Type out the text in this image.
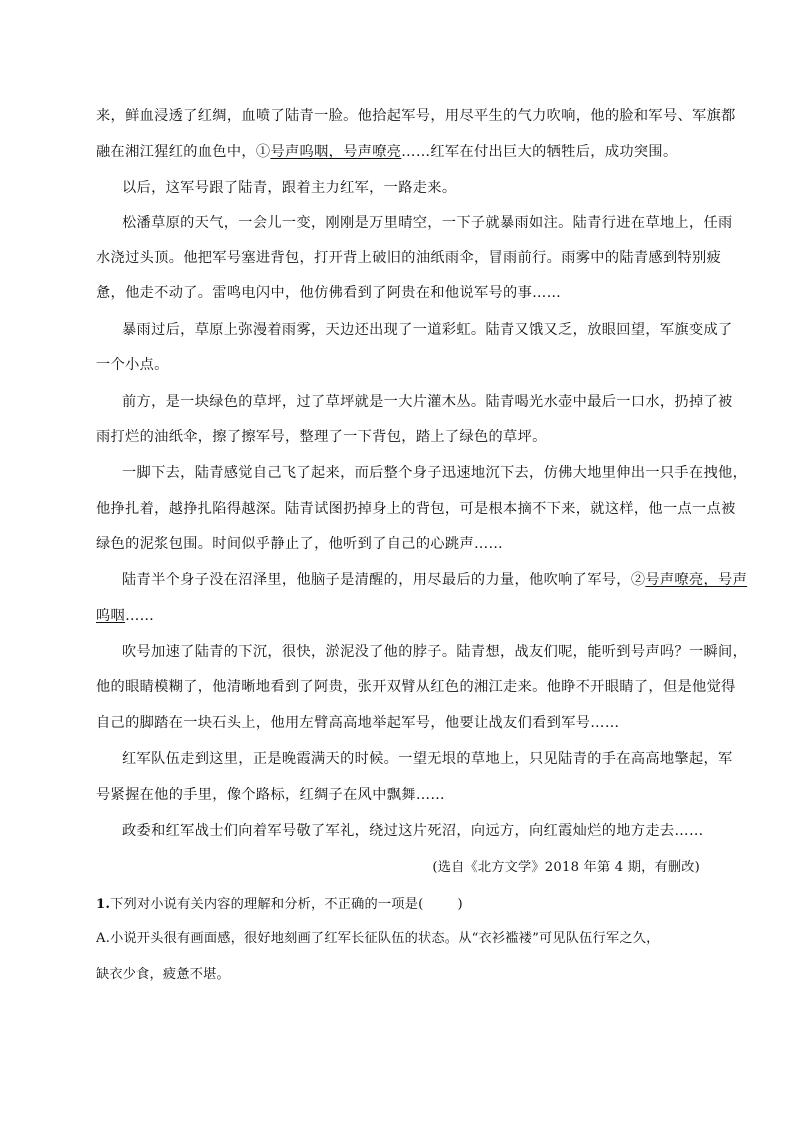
来，鲜血浸透了红绸，血喷了陆青一脸。他拾起军号，用尽平生的气力吹响，他的脸和军号、军旗都
融在湘江猩红的血色中，①号声呜咽，号声嘹亮……红军在付出巨大的牺牲后，成功突围。
以后，这军号跟了陆青，跟着主力红军，一路走来。
松潘草原的天气，一会儿一变，刚刚是万里晴空，一下子就暴雨如注。陆青行进在草地上，任雨
水浇过头顶。他把军号塞进背包，打开背上破旧的油纸雨伞，冒雨前行。雨雾中的陆青感到特别疲
惫，他走不动了。雷鸣电闪中，他仿佛看到了阿贵在和他说军号的事……
暴雨过后，草原上弥漫着雨雾，天边还出现了一道彩虹。陆青又饿又乏，放眼回望，军旗变成了
一个小点。
前方，是一块绿色的草坪，过了草坪就是一大片灌木丛。陆青喝光水壶中最后一口水，扔掉了被
雨打烂的油纸伞，擦了擦军号，整理了一下背包，踏上了绿色的草坪。
一脚下去，陆青感觉自己飞了起来，而后整个身子迅速地沉下去，仿佛大地里伸出一只手在拽他，
他挣扎着，越挣扎陷得越深。陆青试图扔掉身上的背包，可是根本摘不下来，就这样，他一点一点被
绿色的泥浆包围。时间似乎静止了，他听到了自己的心跳声……
陆青半个身子没在沼泽里，他脑子是清醒的，用尽最后的力量，他吹响了军号，②号声嘹亮，号声
呜咽……
吹号加速了陆青的下沉，很快，淤泥没了他的脖子。陆青想，战友们呢，能听到号声吗？一瞬间，
他的眼睛模糊了，他清晰地看到了阿贵，张开双臂从红色的湘江走来。他睁不开眼睛了，但是他觉得
自己的脚踏在一块石头上，他用左臂高高地举起军号，他要让战友们看到军号……
红军队伍走到这里，正是晚霞满天的时候。一望无垠的草地上，只见陆青的手在高高地擎起，军
号紧握在他的手里，像个路标，红绸子在风中飘舞……
政委和红军战士们向着军号敬了军礼，绕过这片死沼，向远方，向红霞灿烂的地方走去……
(选自《北方文学》2018 年第 4 期，有删改)
1.下列对小说有关内容的理解和分析，不正确的一项是(	)
A.小说开头很有画面感，很好地刻画了红军长征队伍的状态。从“衣衫褴褛”可见队伍行军之久，
缺衣少食，疲惫不堪。
